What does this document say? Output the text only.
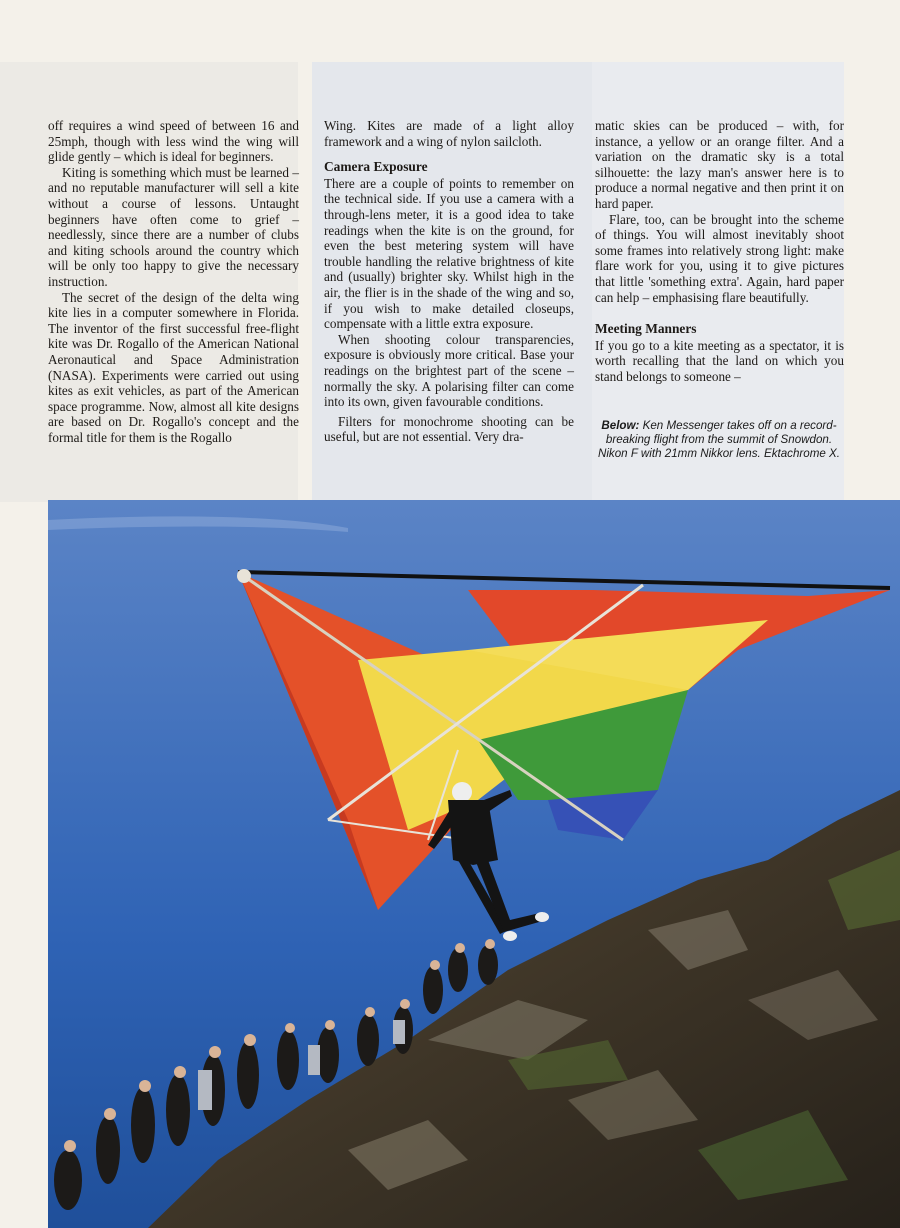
off requires a wind speed of between 16 and 25mph, though with less wind the wing will glide gently – which is ideal for beginners.

Kiting is something which must be learned – and no reputable manufacturer will sell a kite without a course of lessons. Untaught beginners have often come to grief – needlessly, since there are a number of clubs and kiting schools around the country which will be only too happy to give the necessary instruction.

The secret of the design of the delta wing kite lies in a computer somewhere in Florida. The inventor of the first successful free-flight kite was Dr. Rogallo of the American National Aeronautical and Space Administration (NASA). Experiments were carried out using kites as exit vehicles, as part of the American space programme. Now, almost all kite designs are based on Dr. Rogallo's concept and the formal title for them is the Rogallo

Wing. Kites are made of a light alloy framework and a wing of nylon sailcloth.

Camera Exposure

There are a couple of points to remember on the technical side. If you use a camera with a through-lens meter, it is a good idea to take readings when the kite is on the ground, for even the best metering system will have trouble handling the relative brightness of kite and (usually) brighter sky. Whilst high in the air, the flier is in the shade of the wing and so, if you wish to make detailed closeups, compensate with a little extra exposure.

When shooting colour transparencies, exposure is obviously more critical. Base your readings on the brightest part of the scene – normally the sky. A polarising filter can come into its own, given favourable conditions.

Filters for monochrome shooting can be useful, but are not essential. Very dra-

matic skies can be produced – with, for instance, a yellow or an orange filter. And a variation on the dramatic sky is a total silhouette: the lazy man's answer here is to produce a normal negative and then print it on hard paper.

Flare, too, can be brought into the scheme of things. You will almost inevitably shoot some frames into relatively strong light: make flare work for you, using it to give pictures that little 'something extra'. Again, hard paper can help – emphasising flare beautifully.

Meeting Manners

If you go to a kite meeting as a spectator, it is worth recalling that the land on which you stand belongs to someone –

Below: Ken Messenger takes off on a record-breaking flight from the summit of Snowdon. Nikon F with 21mm Nikkor lens. Ektachrome X.
